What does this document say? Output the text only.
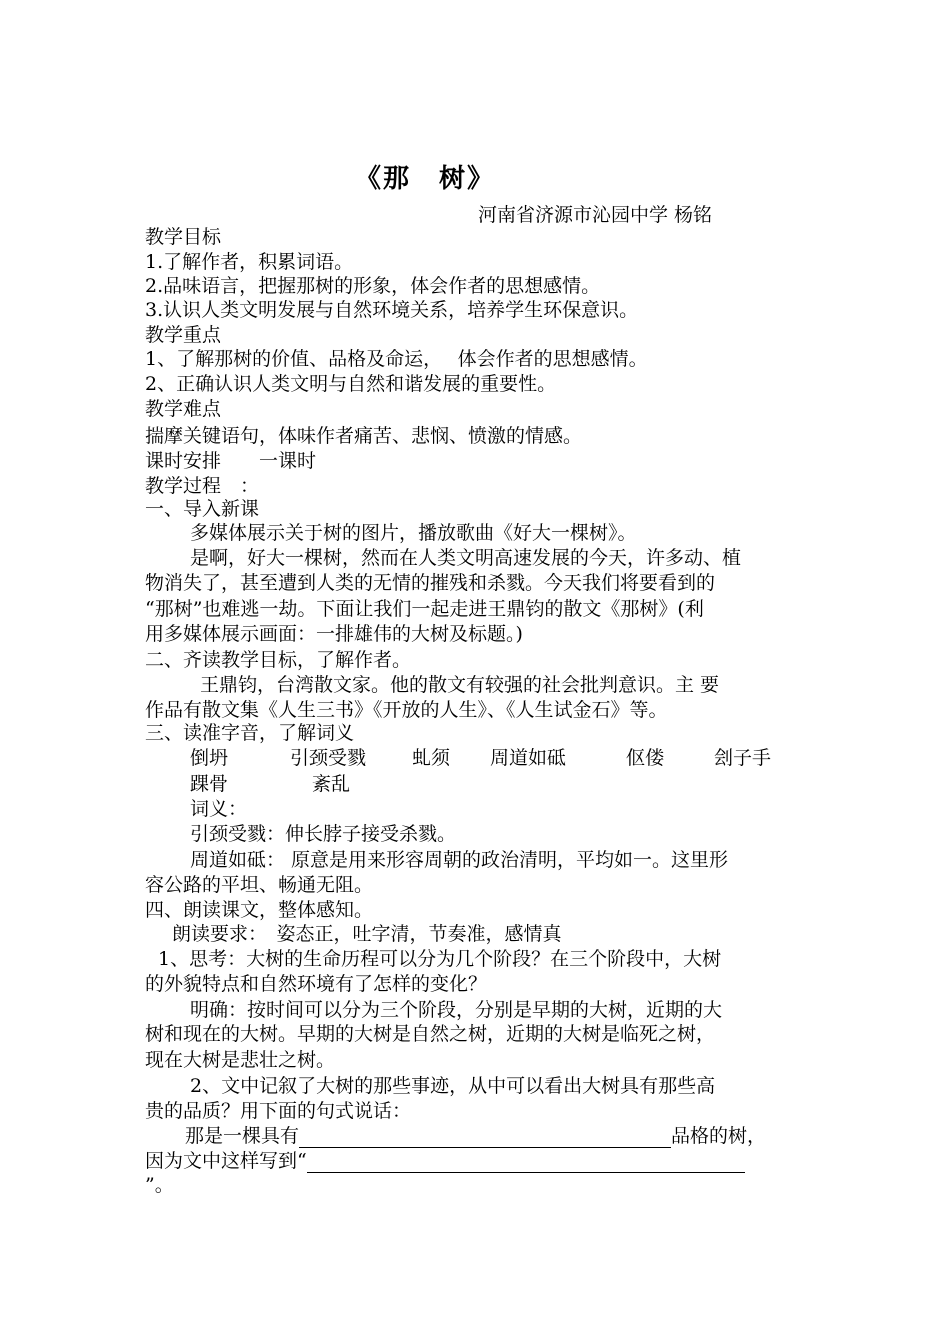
《那　树》
河南省济源市沁园中学 杨铭
教学目标
1.了解作者，积累词语。
2.品味语言，把握那树的形象，体会作者的思想感情。
3.认识人类文明发展与自然环境关系，培养学生环保意识。
教学重点
1、了解那树的价值、品格及命运，　 体会作者的思想感情。
2、正确认识人类文明与自然和谐发展的重要性。
教学难点
揣摩关键语句，体味作者痛苦、悲悯、愤激的情感。
课时安排　　一课时
教学过程　：
一、导入新课
多媒体展示关于树的图片，播放歌曲《好大一棵树》。
是啊，好大一棵树，然而在人类文明高速发展的今天，许多动、植
物消失了，甚至遭到人类的无情的摧残和杀戮。今天我们将要看到的
“那树”也难逃一劫。下面让我们一起走进王鼎钧的散文《那树》(利
用多媒体展示画面：一排雄伟的大树及标题。)
二、齐读教学目标，了解作者。
王鼎钧，台湾散文家。他的散文有较强的社会批判意识。主 要
作品有散文集《人生三书》《开放的人生》、《人生试金石》等。
三、读准字音，了解词义
倒坍	引颈受戮 虬须 周道如砥	伛偻	刽子手
踝骨	紊乱
词义：
引颈受戮：伸长脖子接受杀戮。
周道如砥： 原意是用来形容周朝的政治清明，平均如一。这里形
容公路的平坦、畅通无阻。
四、朗读课文，整体感知。
朗读要求：　姿态正，吐字清，节奏准，感情真
1、思考：大树的生命历程可以分为几个阶段？在三个阶段中，大树
的外貌特点和自然环境有了怎样的变化？
明确：按时间可以分为三个阶段，分别是早期的大树，近期的大
树和现在的大树。早期的大树是自然之树，近期的大树是临死之树，
现在大树是悲壮之树。
2、文中记叙了大树的那些事迹，从中可以看出大树具有那些高
贵的品质？用下面的句式说话：
那是一棵具有	品格的树，
因为文中这样写到“
”。
